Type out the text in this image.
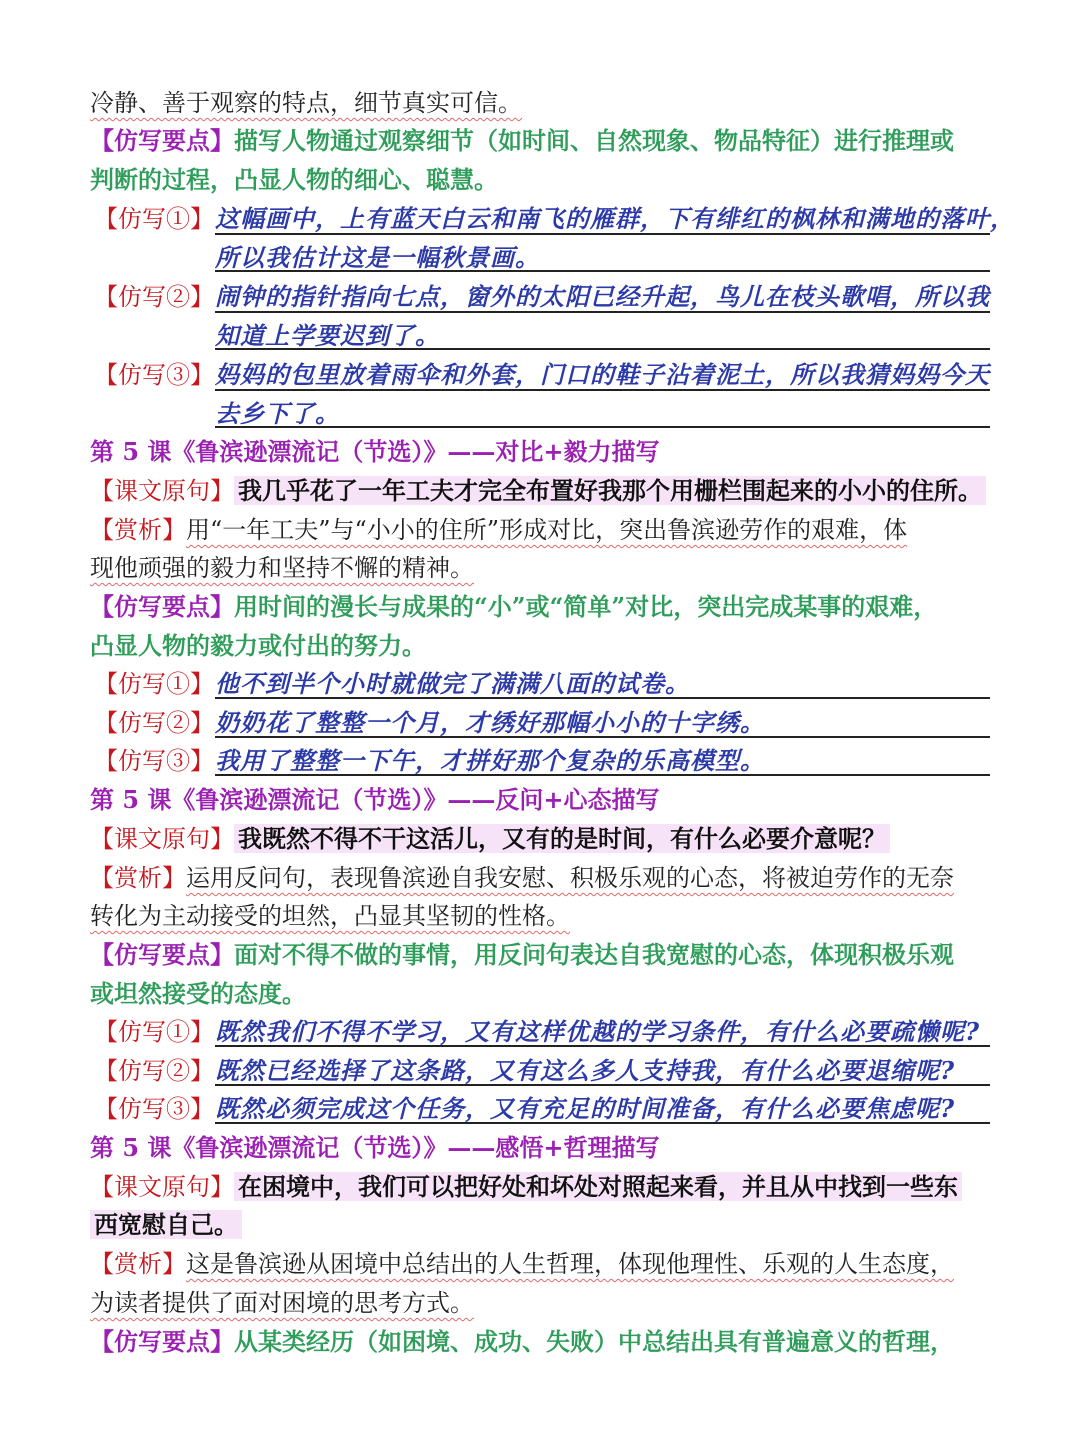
冷静、善于观察的特点，细节真实可信。
【仿写要点】描写人物通过观察细节（如时间、自然现象、物品特征）进行推理或
判断的过程，凸显人物的细心、聪慧。
【仿写①】 这幅画中，上有蓝天白云和南飞的雁群，下有绯红的枫林和满地的落叶，
所以我估计这是一幅秋景画。
【仿写②】 闹钟的指针指向七点，窗外的太阳已经升起，鸟儿在枝头歌唱，所以我
知道上学要迟到了。
【仿写③】 妈妈的包里放着雨伞和外套，门口的鞋子沾着泥土，所以我猜妈妈今天
去乡下了。
第 5 课《鲁滨逊漂流记（节选）》——对比+毅力描写
【课文原句】 我几乎花了一年工夫才完全布置好我那个用栅栏围起来的小小的住所。
【赏析】用“一年工夫”与“小小的住所”形成对比，突出鲁滨逊劳作的艰难，体
现他顽强的毅力和坚持不懈的精神。
【仿写要点】用时间的漫长与成果的“小”或“简单”对比，突出完成某事的艰难，
凸显人物的毅力或付出的努力。
【仿写①】 他不到半个小时就做完了满满八面的试卷。
【仿写②】 奶奶花了整整一个月，才绣好那幅小小的十字绣。
【仿写③】 我用了整整一下午，才拼好那个复杂的乐高模型。
第 5 课《鲁滨逊漂流记（节选）》——反问+心态描写
【课文原句】 我既然不得不干这活儿，又有的是时间，有什么必要介意呢？
【赏析】运用反问句，表现鲁滨逊自我安慰、积极乐观的心态，将被迫劳作的无奈
转化为主动接受的坦然，凸显其坚韧的性格。
【仿写要点】面对不得不做的事情，用反问句表达自我宽慰的心态，体现积极乐观
或坦然接受的态度。
【仿写①】 既然我们不得不学习，又有这样优越的学习条件，有什么必要疏懒呢?
【仿写②】 既然已经选择了这条路，又有这么多人支持我，有什么必要退缩呢?
【仿写③】 既然必须完成这个任务，又有充足的时间准备，有什么必要焦虑呢?
第 5 课《鲁滨逊漂流记（节选）》——感悟+哲理描写
【课文原句】 在困境中，我们可以把好处和坏处对照起来看，并且从中找到一些东
西宽慰自己。
【赏析】这是鲁滨逊从困境中总结出的人生哲理，体现他理性、乐观的人生态度，
为读者提供了面对困境的思考方式。
【仿写要点】从某类经历（如困境、成功、失败）中总结出具有普遍意义的哲理，
